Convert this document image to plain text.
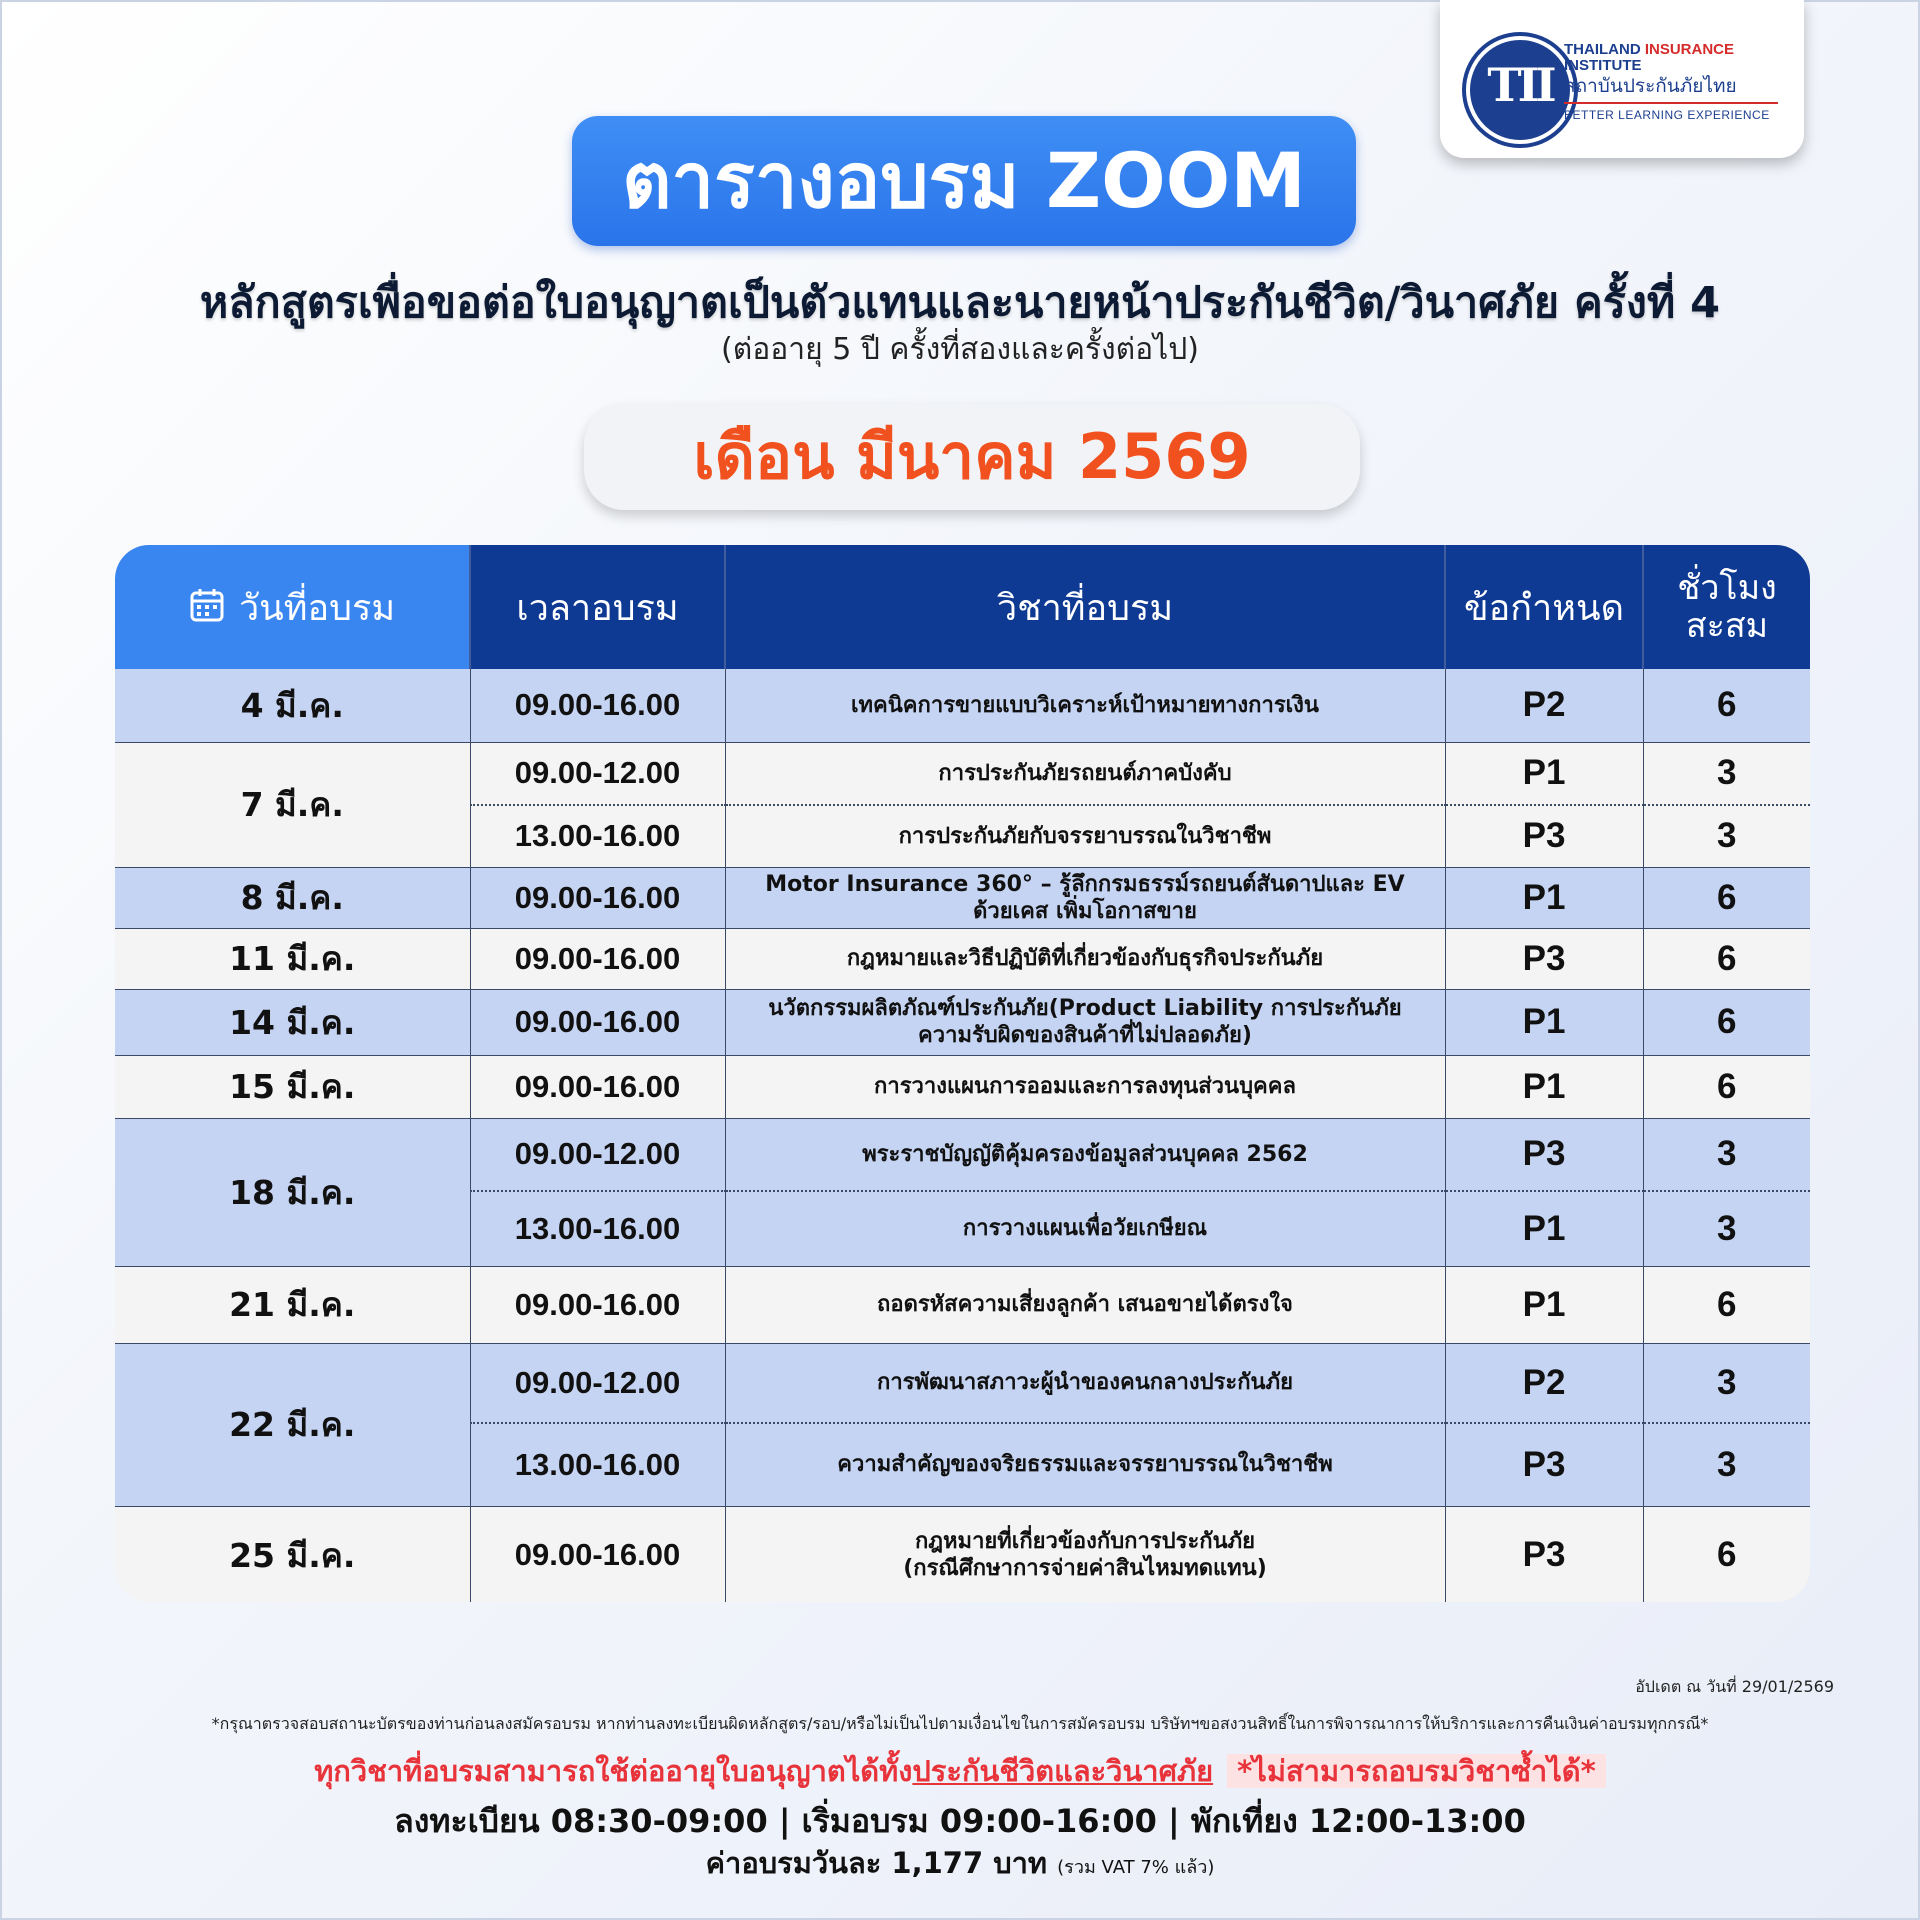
TII
THAILAND INSURANCE
INSTITUTE
สถาบันประกันภัยไทย
BETTER LEARNING EXPERIENCE
ตารางอบรม ZOOM
หลักสูตรเพื่อขอต่อใบอนุญาตเป็นตัวแทนและนายหน้าประกันชีวิต/วินาศภัย ครั้งที่ 4
(ต่ออายุ 5 ปี ครั้งที่สองและครั้งต่อไป)
เดือน มีนาคม 2569
วันที่อบรม	เวลาอบรม	วิชาที่อบรม	ข้อกำหนด	ชั่วโมง
สะสม

4 มี.ค.	09.00-16.00	เทคนิคการขายแบบวิเคราะห์เป้าหมายทางการเงิน	P2	6
7 มี.ค.	09.00-12.00	การประกันภัยรถยนต์ภาคบังคับ	P1	3
	13.00-16.00	การประกันภัยกับจรรยาบรรณในวิชาชีพ	P3	3
8 มี.ค.	09.00-16.00	Motor Insurance 360° – รู้ลึกกรมธรรม์รถยนต์สันดาปและ EV
ด้วยเคส เพิ่มโอกาสขาย	P1	6
11 มี.ค.	09.00-16.00	กฎหมายและวิธีปฏิบัติที่เกี่ยวข้องกับธุรกิจประกันภัย	P3	6
14 มี.ค.	09.00-16.00	นวัตกรรมผลิตภัณฑ์ประกันภัย(Product Liability การประกันภัย
ความรับผิดของสินค้าที่ไม่ปลอดภัย)	P1	6
15 มี.ค.	09.00-16.00	การวางแผนการออมและการลงทุนส่วนบุคคล	P1	6
18 มี.ค.	09.00-12.00	พระราชบัญญัติคุ้มครองข้อมูลส่วนบุคคล 2562	P3	3
	13.00-16.00	การวางแผนเพื่อวัยเกษียณ	P1	3
21 มี.ค.	09.00-16.00	ถอดรหัสความเสี่ยงลูกค้า เสนอขายได้ตรงใจ	P1	6
22 มี.ค.	09.00-12.00	การพัฒนาสภาวะผู้นำของคนกลางประกันภัย	P2	3
	13.00-16.00	ความสำคัญของจริยธรรมและจรรยาบรรณในวิชาชีพ	P3	3
25 มี.ค.	09.00-16.00	กฎหมายที่เกี่ยวข้องกับการประกันภัย
(กรณีศึกษาการจ่ายค่าสินไหมทดแทน)	P3	6
อัปเดต ณ วันที่ 29/01/2569
*กรุณาตรวจสอบสถานะบัตรของท่านก่อนลงสมัครอบรม หากท่านลงทะเบียนผิดหลักสูตร/รอบ/หรือไม่เป็นไปตามเงื่อนไขในการสมัครอบรม บริษัทฯขอสงวนสิทธิ์ในการพิจารณาการให้บริการและการคืนเงินค่าอบรมทุกกรณี*
ทุกวิชาที่อบรมสามารถใช้ต่ออายุใบอนุญาตได้ทั้งประกันชีวิตและวินาศภัย *ไม่สามารถอบรมวิชาซ้ำได้*
ลงทะเบียน 08:30-09:00 | เริ่มอบรม 09:00-16:00 | พักเที่ยง 12:00-13:00
ค่าอบรมวันละ 1,177 บาท (รวม VAT 7% แล้ว)
